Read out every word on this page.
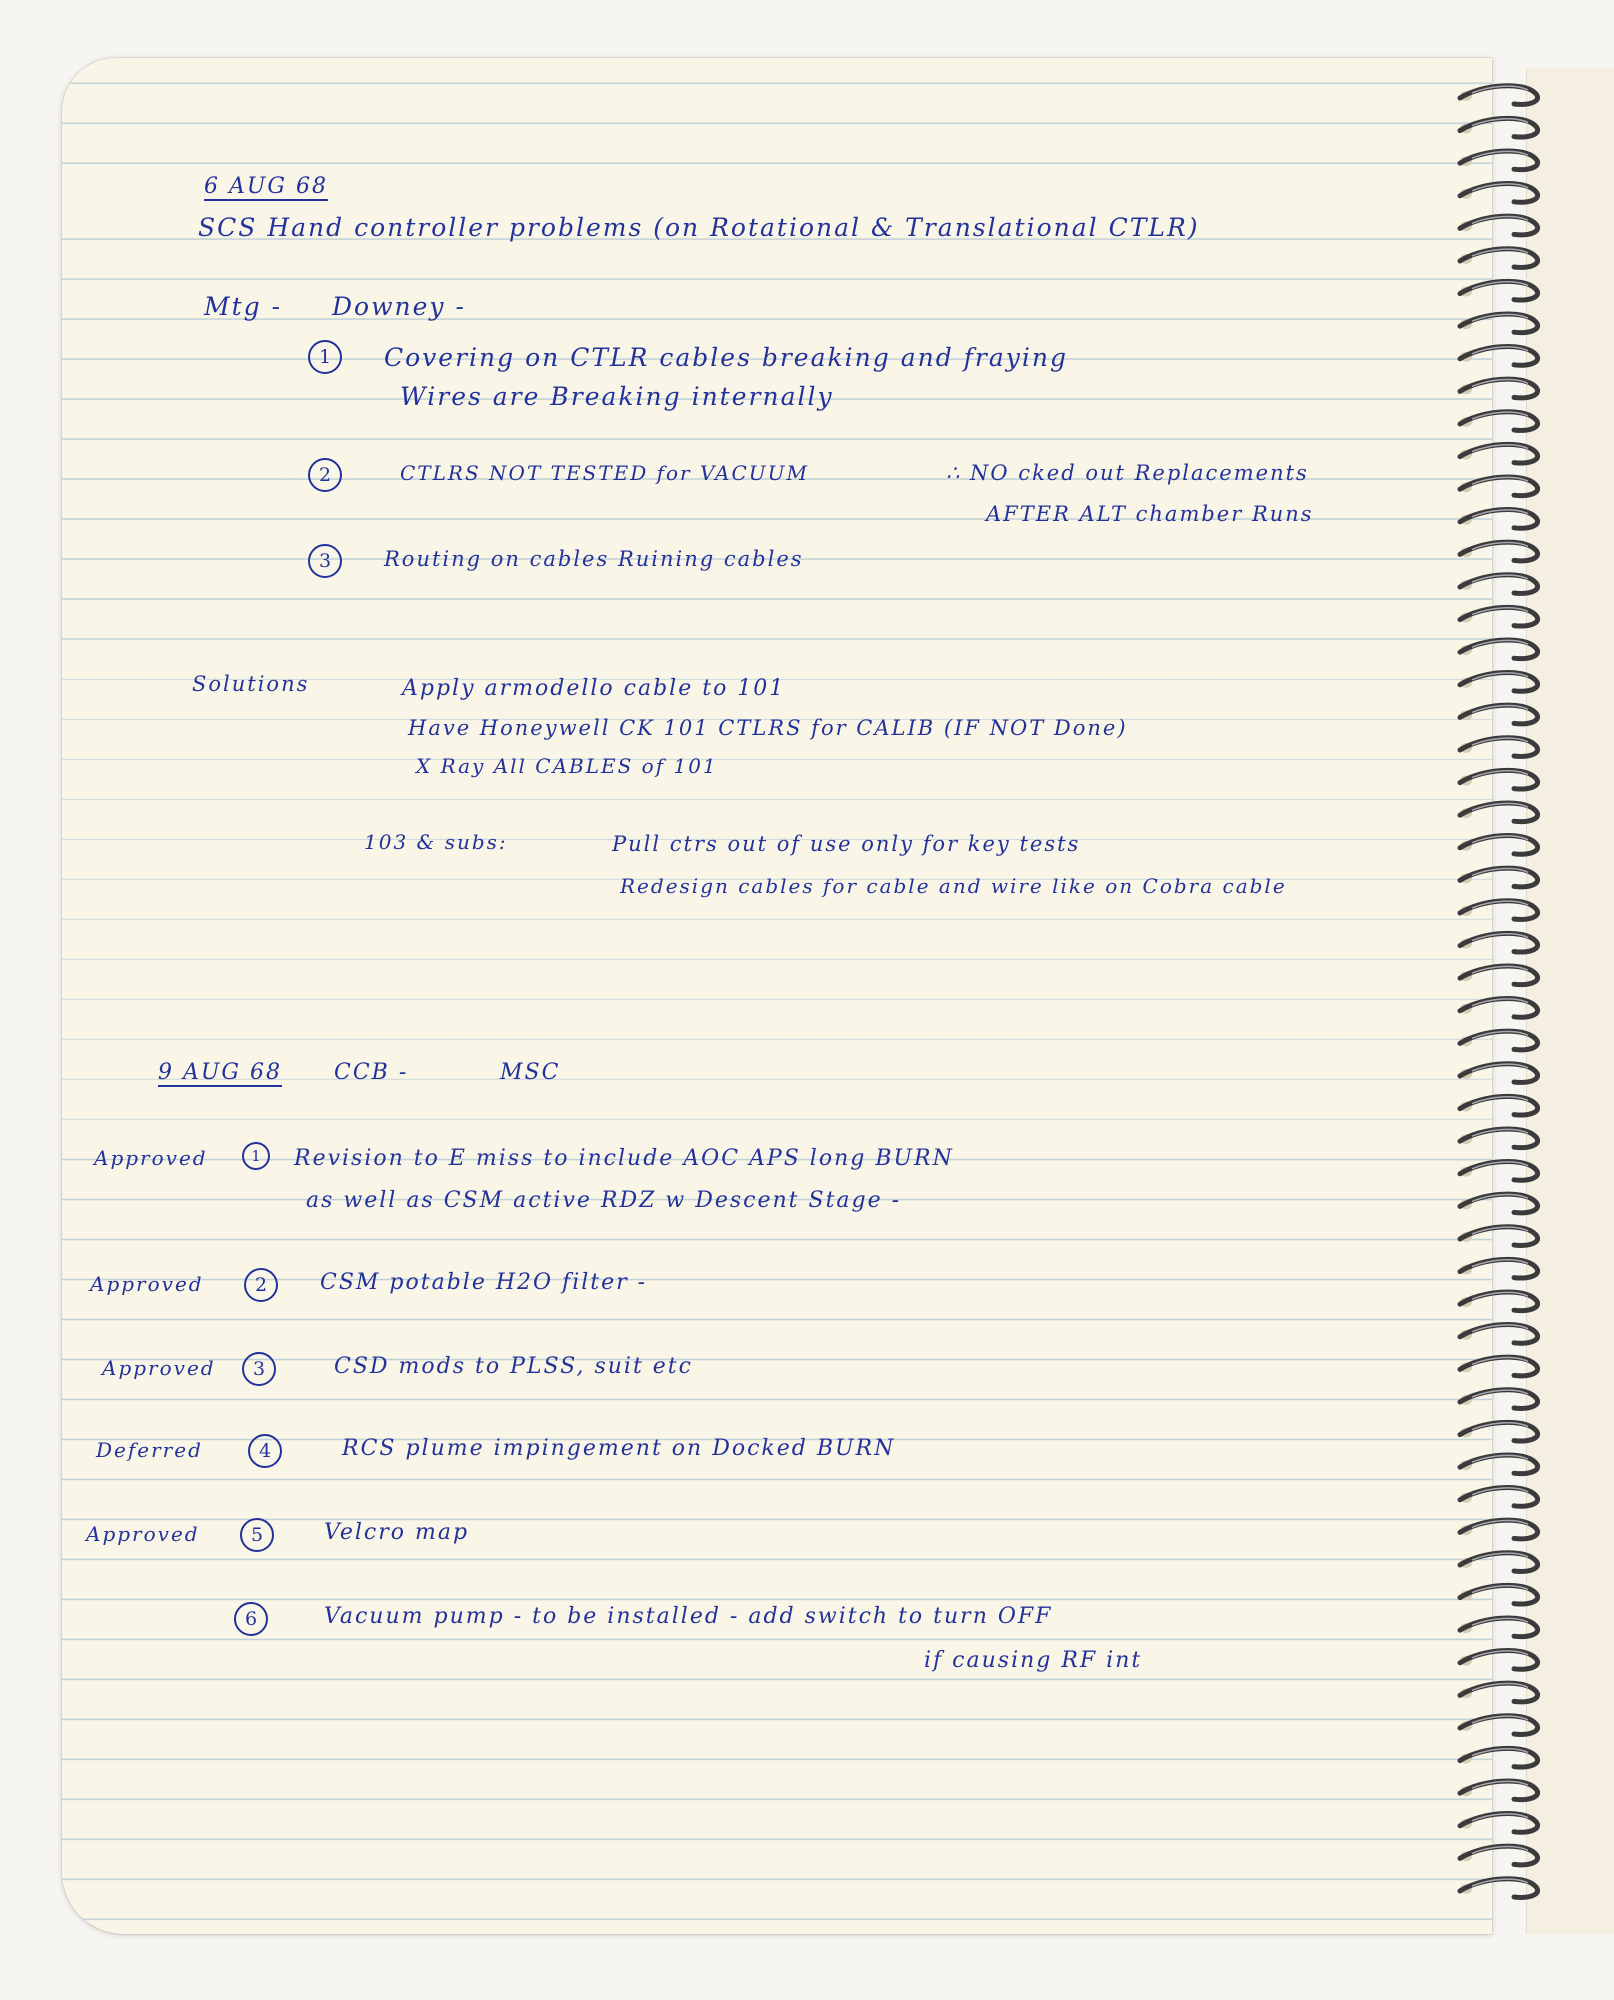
6 AUG 68
SCS Hand controller problems (on Rotational & Translational CTLR)
Mtg - Downey -
1	Covering on CTLR cables breaking and fraying
Wires are Breaking internally
2	CTLRS NOT TESTED for VACUUM	∴ NO cked out Replacements
AFTER ALT chamber Runs
3	Routing on cables Ruining cables
Solutions	Apply armodello cable to 101
Have Honeywell CK 101 CTLRS for CALIB (IF NOT Done)
X Ray All CABLES of 101
103 & subs:	Pull ctrs out of use only for key tests
Redesign cables for cable and wire like on Cobra cable
9 AUG 68 CCB -	MSC
Approved	1	Revision to E miss to include AOC APS long BURN
as well as CSM active RDZ w Descent Stage -
Approved	2	CSM potable H2O filter -
Approved	3	CSD mods to PLSS, suit etc
Deferred	4	RCS plume impingement on Docked BURN
Approved	5	Velcro map
6	Vacuum pump - to be installed - add switch to turn OFF
if causing RF int
